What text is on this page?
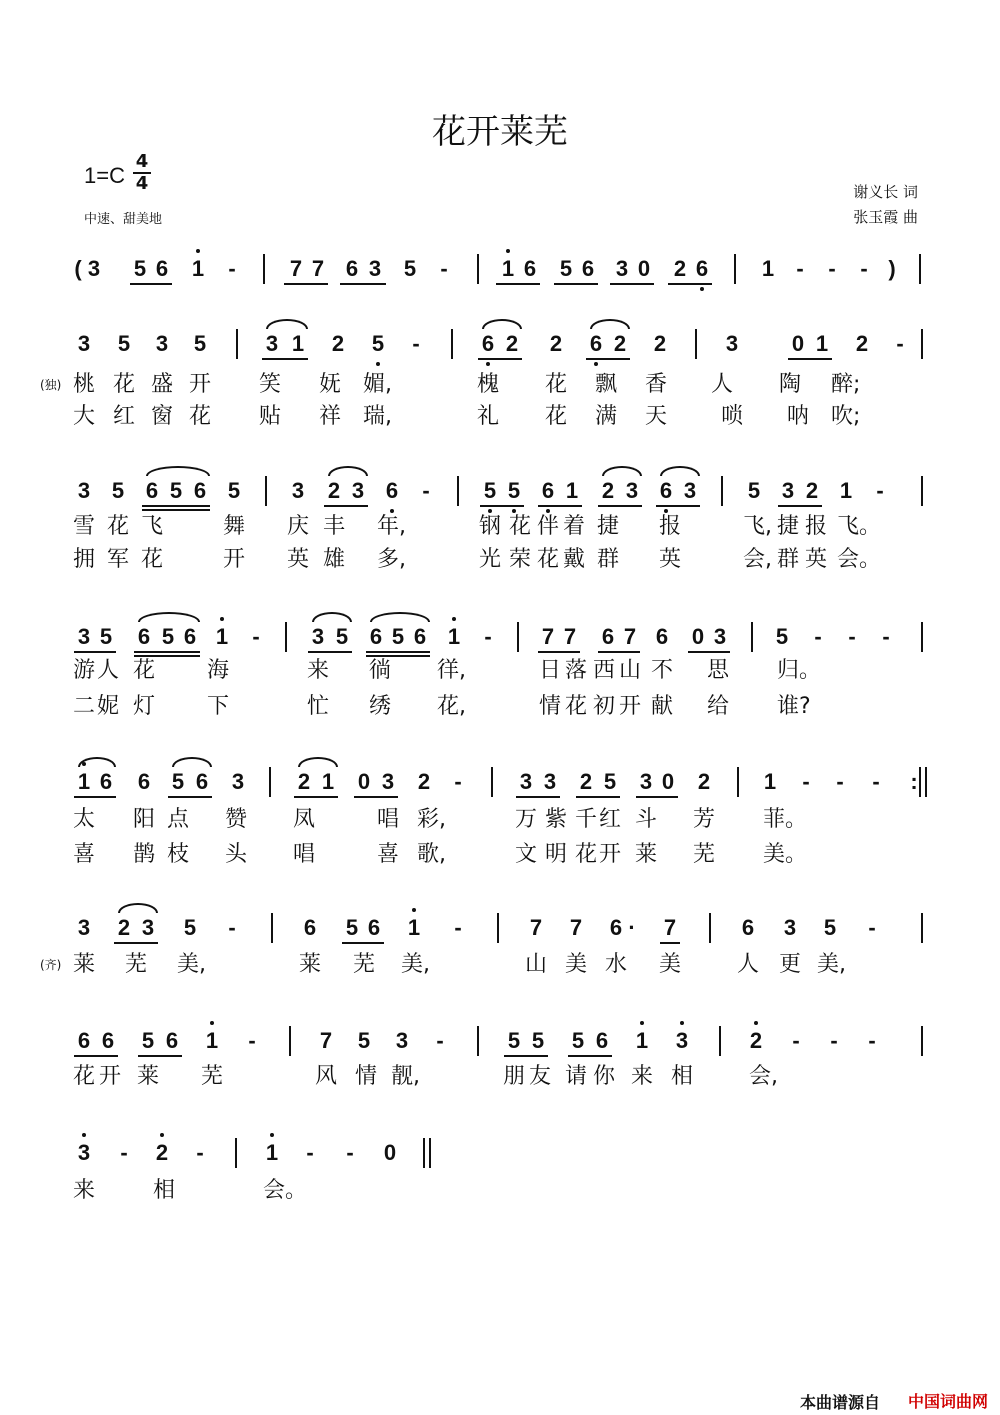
花开莱芜
1=C
4
4
中速、甜美地
谢义长 词
张玉霞 曲
( 3 5 6 1	-	7 7 6 3 5	-	1 6 5 6 3 0 2 6 1	-	-	- )
3 5 3 5	3 1 2 5	-	6 2 2 6 2 2	3 0 1 2	-
3 5 6 5 6 5 3 2 3 6	-	5 5 6 1 2 3 6 3 5 3 2 1	-
3 5 6 5 6 1	-	3 5 6 5 6 1	-	7 7 6 7 6 0 3 5	-	-	-
1 6 6 5 6 3 2 1 0 3 2	-	3 3 2 5 3 0 2 1	-	-	-	:
3 2 3 5	-	6 5 6 1	-	7 7 6 ·	7	6 3 5	-
6 6 5 6 1	-	7 5 3	-	5 5 5 6 1 3	2	-	-	-
3	-	2	-	1	-	-	0
(独) 桃 花 盛 开 笑 妩 媚,	槐 花 飘 香 人 陶 醉;
大 红 窗 花 贴 祥 瑞,	礼 花 满 天 唢 呐 吹;
雪 花 飞	舞 庆 丰 年,	钢 花 伴 着 捷 报	飞, 捷 报 飞。
拥 军 花	开 英 雄 多,	光 荣 花 戴 群 英	会, 群 英 会。
游 人 花 海	来 徜 徉,	日 落 西 山 不 思 归。
二 妮 灯 下	忙 绣 花,	情 花 初 开 献 给 谁?
太 阳 点 赞 凤	唱 彩,	万 紫 千 红 斗 芳 菲。
喜 鹊 枝 头 唱	喜 歌,	文 明 花 开 莱 芜 美。
(齐) 莱 芜 美,	莱 芜 美,	山 美 水 美	人 更 美,
花 开 莱 芜	风 情 靓,	朋 友 请 你 来 相	会,
来	相	会。
本曲谱源自 中国词曲网
